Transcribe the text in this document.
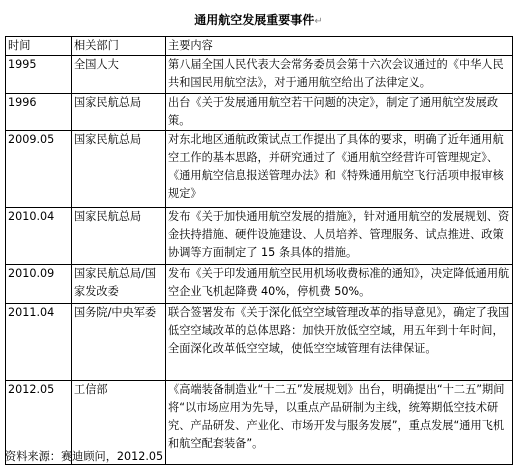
通用航空发展重要事件↵
时间	相关部门	主要内容
1995	全国人大	第八届全国人民代表大会常务委员会第十六次会议通过的《中华人民共和国民用航空法》，对于通用航空给出了法律定义。
1996	国家民航总局	出台《关于发展通用航空若干问题的决定》，制定了通用航空发展政策。
2009.05	国家民航总局	对东北地区通航政策试点工作提出了具体的要求，明确了近年通用航空工作的基本思路，并研究通过了《通用航空经营许可管理规定》、《通用航空信息报送管理办法》和《特殊通用航空飞行活项申报审核规定》
2010.04	国家民航总局	发布《关于加快通用航空发展的措施》，针对通用航空的发展规划、资金扶持措施、硬件设施建设、人员培养、管理服务、试点推进、政策协调等方面制定了 15 条具体的措施。
2010.09	国家民航总局/国家发改委	发布《关于印发通用航空民用机场收费标准的通知》，决定降低通用航空企业飞机起降费 40%，停机费 50%。
2011.04	国务院/中央军委	联合签署发布《关于深化低空空域管理改革的指导意见》，确定了我国低空空域改革的总体思路：加快开放低空空域，用五年到十年时间，全面深化改革低空空域，使低空空域管理有法律保证。
2012.05	工信部	《高端装备制造业“十二五”发展规划》出台，明确提出“十二五”期间将“以市场应用为先导，以重点产品研制为主线，统筹期低空技术研究、产品研发、产业化、市场开发与服务发展”，重点发展“通用飞机和航空配套装备”。
资料来源：赛迪顾问，2012.05
